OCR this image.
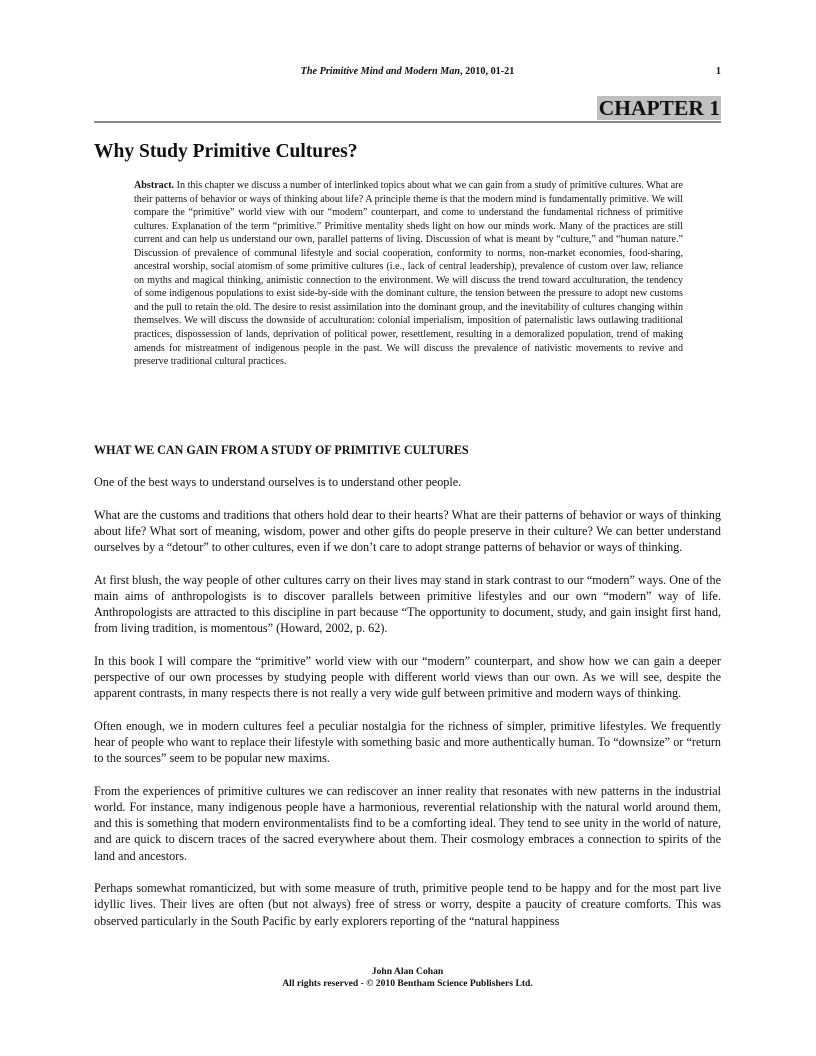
The Primitive Mind and Modern Man, 2010, 01-21	1
CHAPTER 1
Why Study Primitive Cultures?

Abstract. In this chapter we discuss a number of interlinked topics about what we can gain from a study of primitive cultures. What are their patterns of behavior or ways of thinking about life? A principle theme is that the modern mind is fundamentally primitive. We will compare the “primitive” world view with our “modern” counterpart, and come to understand the fundamental richness of primitive cultures. Explanation of the term “primitive.” Primitive mentality sheds light on how our minds work. Many of the practices are still current and can help us understand our own, parallel patterns of living. Discussion of what is meant by “culture,” and “human nature.” Discussion of prevalence of communal lifestyle and social cooperation, conformity to norms, non-market economies, food-sharing, ancestral worship, social atomism of some primitive cultures (i.e., lack of central leadership), prevalence of custom over law, reliance on myths and magical thinking, animistic connection to the environment. We will discuss the trend toward acculturation, the tendency of some indigenous populations to exist side-by-side with the dominant culture, the tension between the pressure to adopt new customs and the pull to retain the old. The desire to resist assimilation into the dominant group, and the inevitability of cultures changing within themselves. We will discuss the downside of acculturation: colonial imperialism, imposition of paternalistic laws outlawing traditional practices, dispossession of lands, deprivation of political power, resettlement, resulting in a demoralized population, trend of making amends for mistreatment of indigenous people in the past. We will discuss the prevalence of nativistic movements to revive and preserve traditional cultural practices.

WHAT WE CAN GAIN FROM A STUDY OF PRIMITIVE CULTURES

One of the best ways to understand ourselves is to understand other people.

What are the customs and traditions that others hold dear to their hearts? What are their patterns of behavior or ways of thinking about life? What sort of meaning, wisdom, power and other gifts do people preserve in their culture? We can better understand ourselves by a “detour” to other cultures, even if we don’t care to adopt strange patterns of behavior or ways of thinking.

At first blush, the way people of other cultures carry on their lives may stand in stark contrast to our “modern” ways. One of the main aims of anthropologists is to discover parallels between primitive lifestyles and our own “modern” way of life. Anthropologists are attracted to this discipline in part because “The opportunity to document, study, and gain insight first hand, from living tradition, is momentous” (Howard, 2002, p. 62).

In this book I will compare the “primitive” world view with our “modern” counterpart, and show how we can gain a deeper perspective of our own processes by studying people with different world views than our own. As we will see, despite the apparent contrasts, in many respects there is not really a very wide gulf between primitive and modern ways of thinking.

Often enough, we in modern cultures feel a peculiar nostalgia for the richness of simpler, primitive lifestyles. We frequently hear of people who want to replace their lifestyle with something basic and more authentically human. To “downsize” or “return to the sources” seem to be popular new maxims.

From the experiences of primitive cultures we can rediscover an inner reality that resonates with new patterns in the industrial world. For instance, many indigenous people have a harmonious, reverential relationship with the natural world around them, and this is something that modern environmentalists find to be a comforting ideal. They tend to see unity in the world of nature, and are quick to discern traces of the sacred everywhere about them. Their cosmology embraces a connection to spirits of the land and ancestors.

Perhaps somewhat romanticized, but with some measure of truth, primitive people tend to be happy and for the most part live idyllic lives. Their lives are often (but not always) free of stress or worry, despite a paucity of creature comforts. This was observed particularly in the South Pacific by early explorers reporting of the “natural happiness

John Alan Cohan
All rights reserved - © 2010 Bentham Science Publishers Ltd.
